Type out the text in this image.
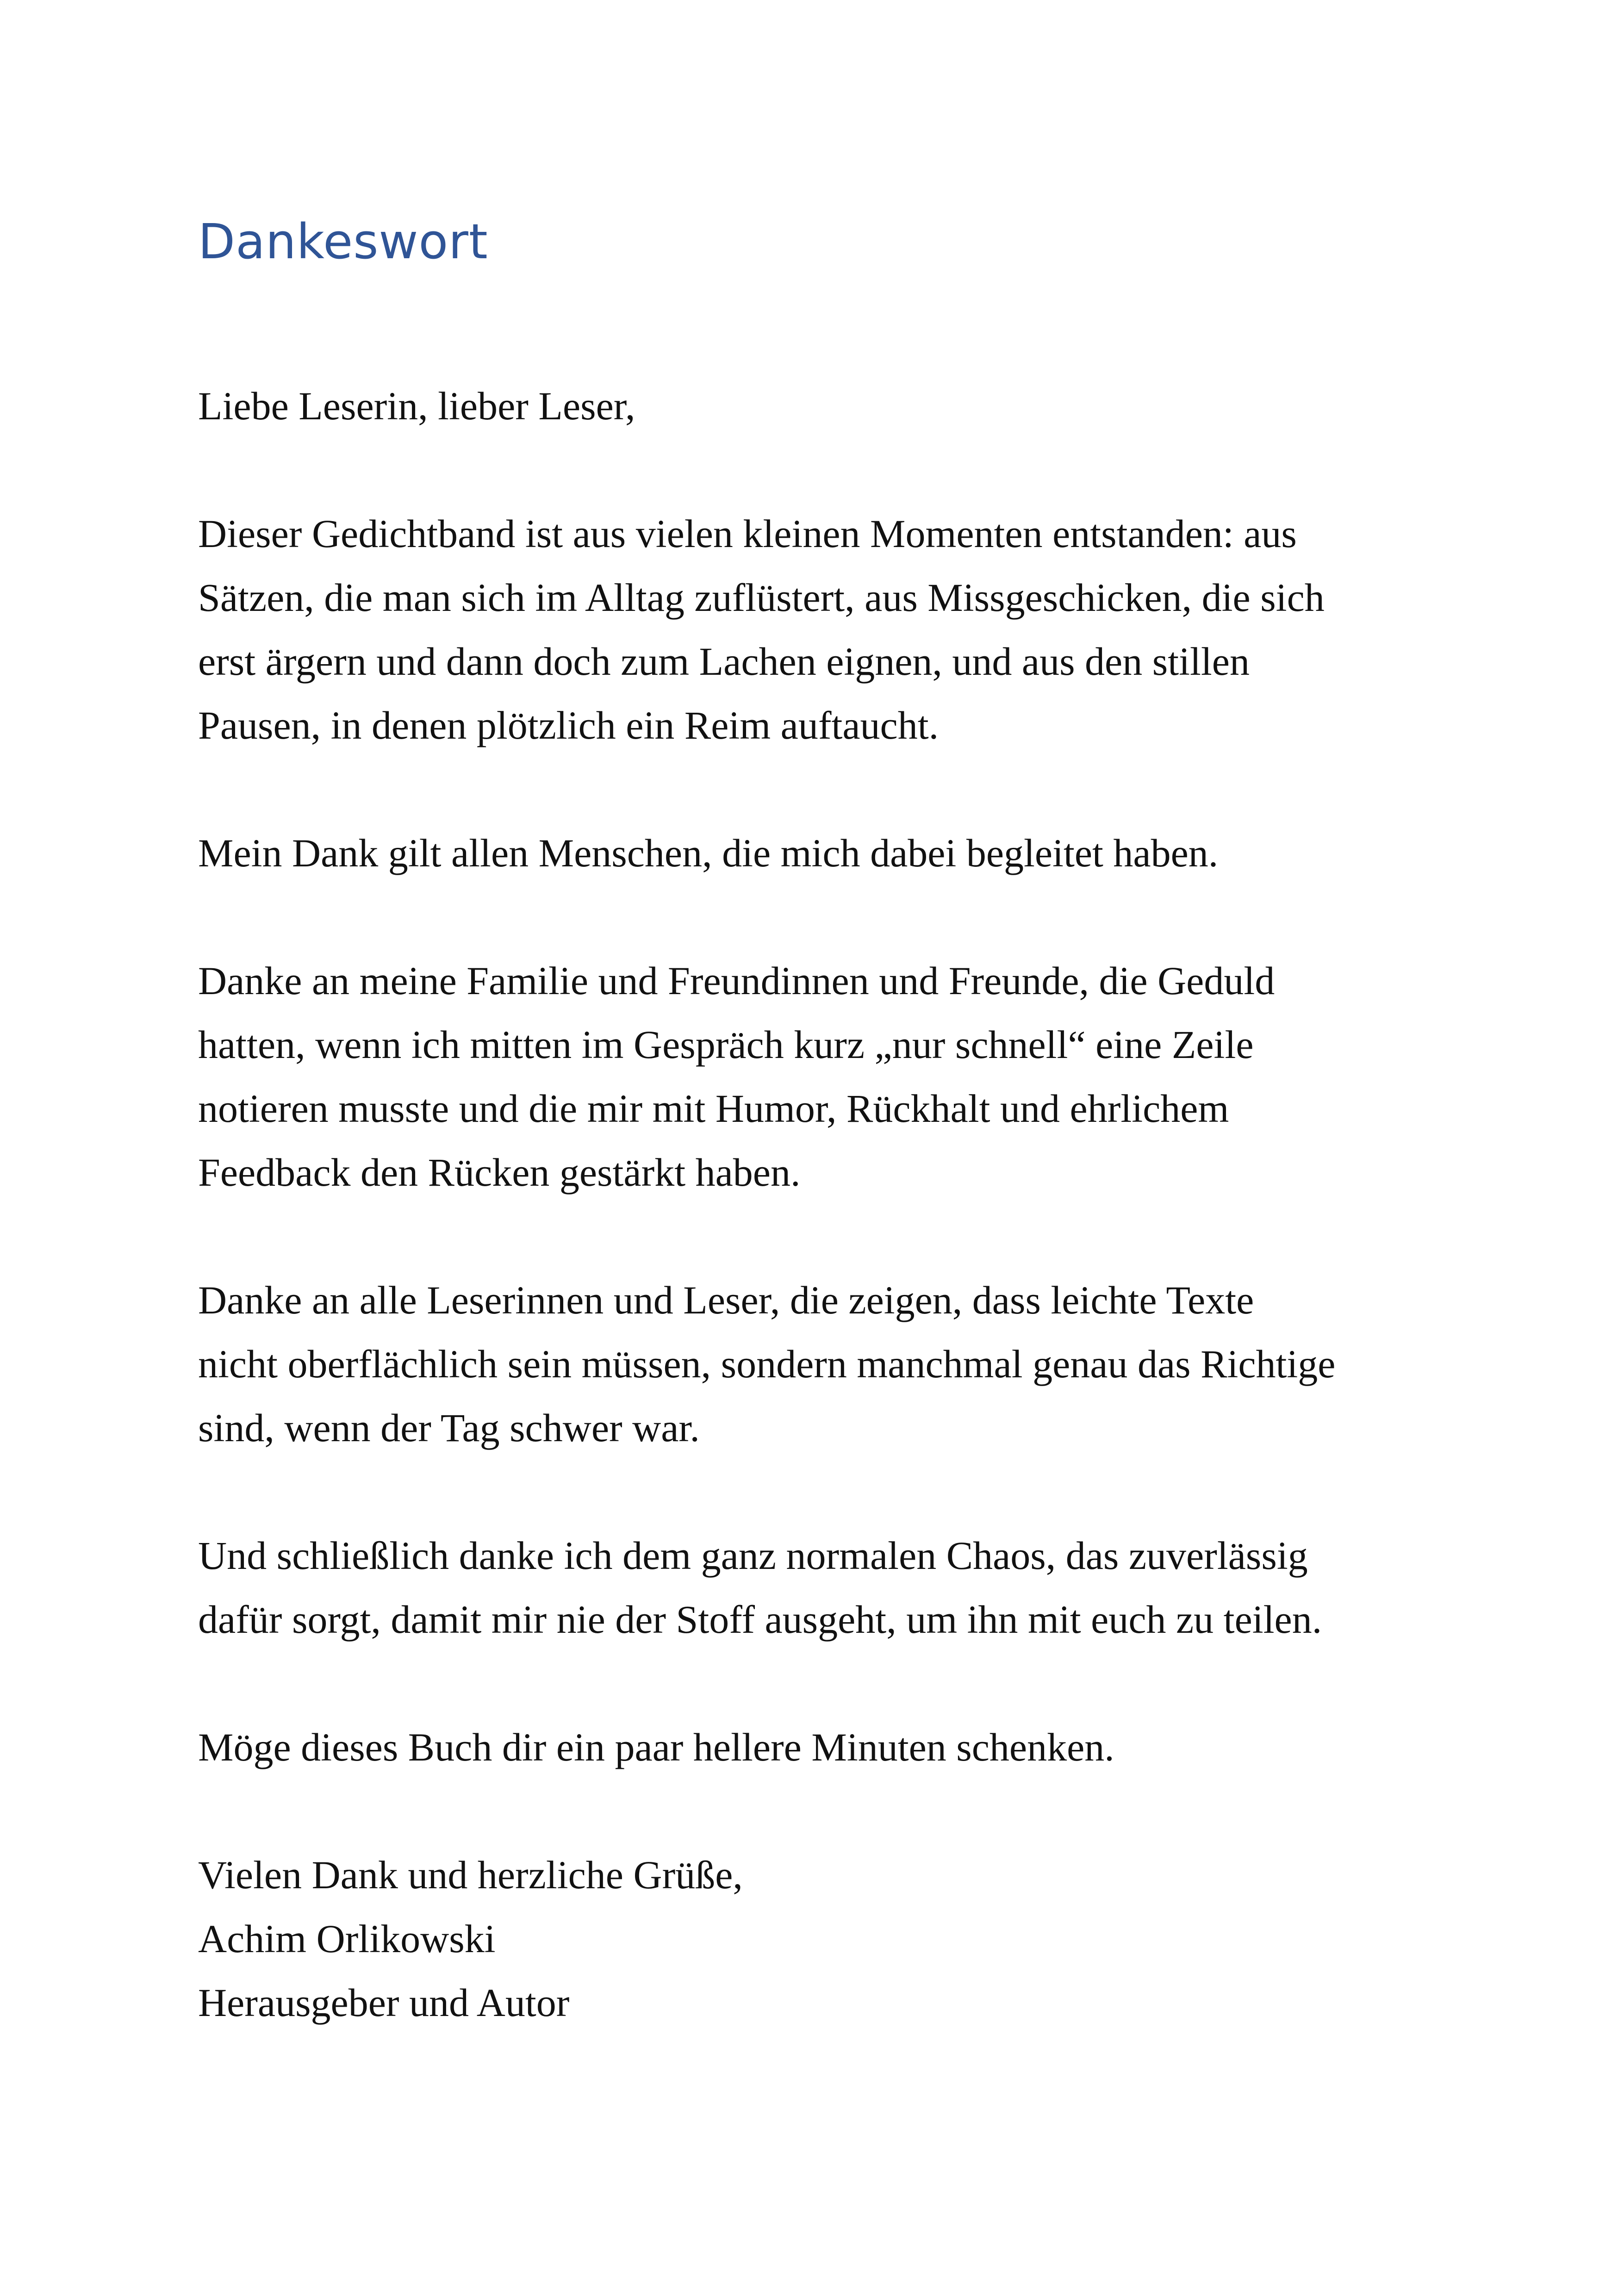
Dankeswort

Liebe Leserin, lieber Leser,

Dieser Gedichtband ist aus vielen kleinen Momenten entstanden: aus
Sätzen, die man sich im Alltag zuflüstert, aus Missgeschicken, die sich
erst ärgern und dann doch zum Lachen eignen, und aus den stillen
Pausen, in denen plötzlich ein Reim auftaucht.

Mein Dank gilt allen Menschen, die mich dabei begleitet haben.

Danke an meine Familie und Freundinnen und Freunde, die Geduld
hatten, wenn ich mitten im Gespräch kurz „nur schnell“ eine Zeile
notieren musste und die mir mit Humor, Rückhalt und ehrlichem
Feedback den Rücken gestärkt haben.

Danke an alle Leserinnen und Leser, die zeigen, dass leichte Texte
nicht oberflächlich sein müssen, sondern manchmal genau das Richtige
sind, wenn der Tag schwer war.

Und schließlich danke ich dem ganz normalen Chaos, das zuverlässig
dafür sorgt, damit mir nie der Stoff ausgeht, um ihn mit euch zu teilen.

Möge dieses Buch dir ein paar hellere Minuten schenken.

Vielen Dank und herzliche Grüße,
Achim Orlikowski
Herausgeber und Autor
